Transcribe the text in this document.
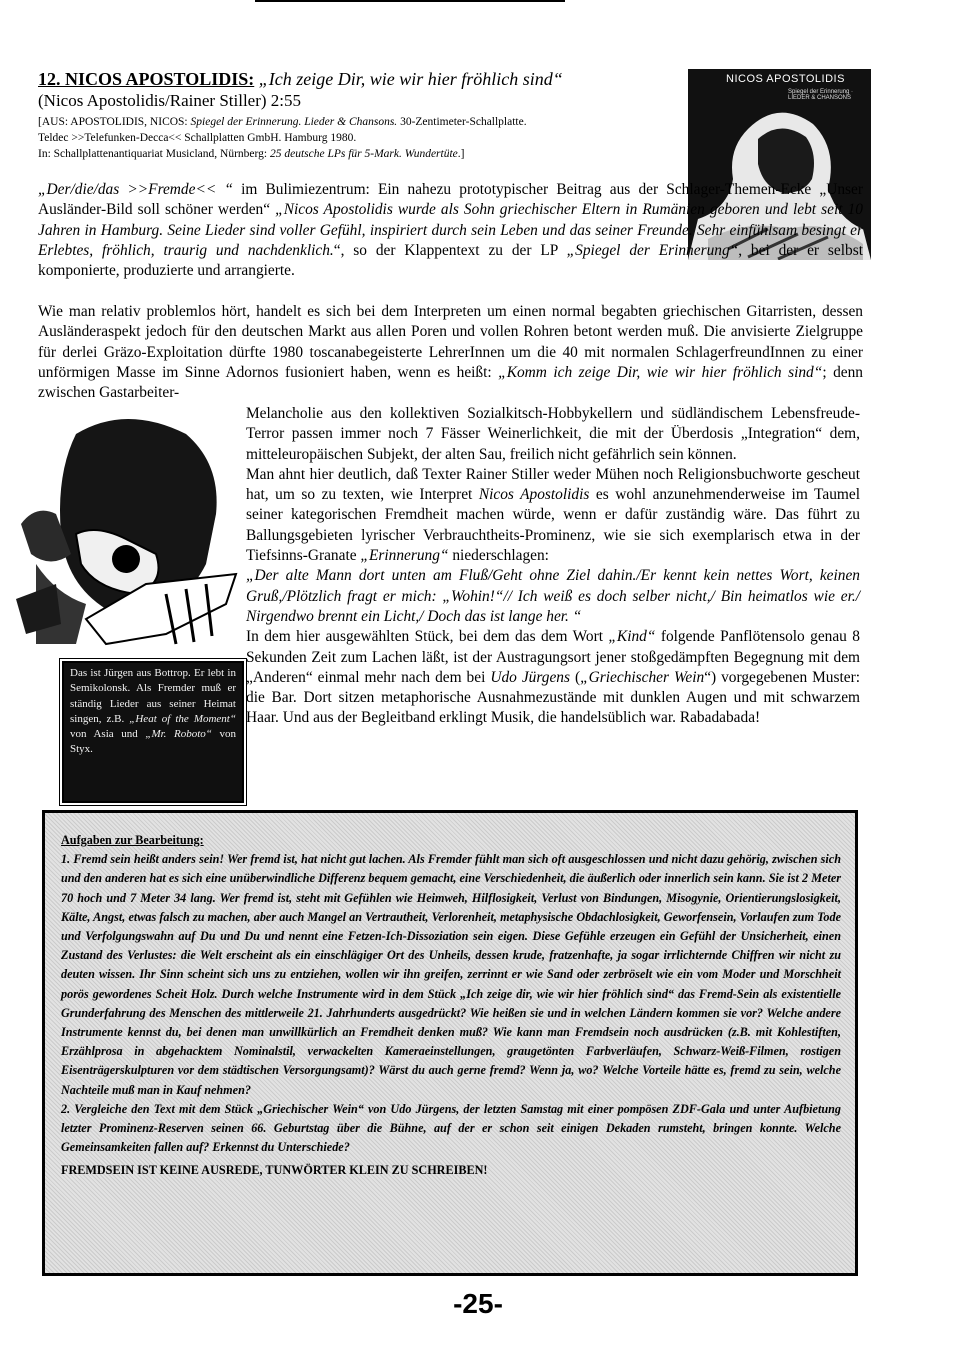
12. NICOS APOSTOLIDIS: „Ich zeige Dir, wie wir hier fröhlich sind“
(Nicos Apostolidis/Rainer Stiller) 2:55
[AUS: APOSTOLIDIS, NICOS: Spiegel der Erinnerung. Lieder & Chansons. 30-Zentimeter-Schallplatte.
Teldec >>Telefunken-Decca<< Schallplatten GmbH. Hamburg 1980.
In: Schallplattenantiquariat Musicland, Nürnberg: 25 deutsche LPs für 5-Mark. Wundertüte.]
NICOS APOSTOLIDIS
Spiegel der Erinnerung · LIEDER & CHANSONS
„Der/die/das >>Fremde<< “ im Bulimiezentrum: Ein nahezu prototypischer Beitrag aus der Schlager-Themen-Ecke „Unser Ausländer-Bild soll schöner werden“ „Nicos Apostolidis wurde als Sohn griechischer Eltern in Rumänien geboren und lebt seit 10 Jahren in Hamburg. Seine Lieder sind voller Gefühl, inspiriert durch sein Leben und das seiner Freunde. Sehr einfühlsam besingt er Erlebtes, fröhlich, traurig und nachdenklich.“, so der Klappentext zu der LP „Spiegel der Erinnerung“, bei der er selbst komponierte, produzierte und arrangierte.
Wie man relativ problemlos hört, handelt es sich bei dem Interpreten um einen normal begabten griechischen Gitarristen, dessen Ausländeraspekt jedoch für den deutschen Markt aus allen Poren und vollen Rohren betont werden muß. Die anvisierte Zielgruppe für derlei Gräzo-Exploitation dürfte 1980 toscanabegeisterte LehrerInnen um die 40 mit normalen SchlagerfreundInnen zu einer unförmigen Masse im Sinne Adornos fusioniert haben, wenn es heißt: „Komm ich zeige Dir, wie wir hier fröhlich sind“; denn zwischen Gastarbeiter-
Melancholie aus den kollektiven Sozialkitsch-Hobbykellern und südländischem Lebensfreude-Terror passen immer noch 7 Fässer Weinerlichkeit, die mit der Überdosis „Integration“ dem, mitteleuropäischen Subjekt, der alten Sau, freilich nicht gefährlich sein können.
Man ahnt hier deutlich, daß Texter Rainer Stiller weder Mühen noch Religionsbuchworte gescheut hat, um so zu texten, wie Interpret Nicos Apostolidis es wohl anzunehmenderweise im Taumel seiner kategorischen Fremdheit machen würde, wenn er dafür zuständig wäre. Das führt zu Ballungsgebieten lyrischer Verbrauchtheits-Prominenz, wie sie sich exemplarisch etwa in der Tiefsinns-Granate „Erinnerung“ niederschlagen:
„Der alte Mann dort unten am Fluß/Geht ohne Ziel dahin./Er kennt kein nettes Wort, keinen Gruß,/Plötzlich fragt er mich: „Wohin!“// Ich weiß es doch selber nicht,/ Bin heimatlos wie er./ Nirgendwo brennt ein Licht,/ Doch das ist lange her. “
In dem hier ausgewählten Stück, bei dem das dem Wort „Kind“ folgende Panflötensolo genau 8 Sekunden Zeit zum Lachen läßt, ist der Austragungsort jener stoßgedämpften Begegnung mit dem „Anderen“ einmal mehr nach dem bei Udo Jürgens („Griechischer Wein“) vorgegebenen Muster: die Bar. Dort sitzen metaphorische Ausnahmezustände mit dunklen Augen und mit schwarzem Haar. Und aus der Begleitband erklingt Musik, die handelsüblich war. Rabadabada!
Das ist Jürgen aus Bottrop. Er lebt in Semikolonsk. Als Fremder muß er ständig Lieder aus seiner Heimat singen, z.B. „Heat of the Moment“ von Asia und „Mr. Roboto“ von Styx.
Aufgaben zur Bearbeitung:

1. Fremd sein heißt anders sein! Wer fremd ist, hat nicht gut lachen. Als Fremder fühlt man sich oft ausgeschlossen und nicht dazu gehörig, zwischen sich und den anderen hat es sich eine unüberwindliche Differenz bequem gemacht, eine Verschiedenheit, die äußerlich oder innerlich sein kann. Sie ist 2 Meter 70 hoch und 7 Meter 34 lang. Wer fremd ist, steht mit Gefühlen wie Heimweh, Hilflosigkeit, Verlust von Bindungen, Misogynie, Orientierungslosigkeit, Kälte, Angst, etwas falsch zu machen, aber auch Mangel an Vertrautheit, Verlorenheit, metaphysische Obdachlosigkeit, Geworfensein, Vorlaufen zum Tode und Verfolgungswahn auf Du und Du und nennt eine Fetzen-Ich-Dissoziation sein eigen. Diese Gefühle erzeugen ein Gefühl der Unsicherheit, einen Zustand des Verlustes: die Welt erscheint als ein einschlägiger Ort des Unheils, dessen krude, fratzenhafte, ja sogar irrlichternde Chiffren wir nicht zu deuten wissen. Ihr Sinn scheint sich uns zu entziehen, wollen wir ihn greifen, zerrinnt er wie Sand oder zerbröselt wie ein vom Moder und Morschheit porös gewordenes Scheit Holz. Durch welche Instrumente wird in dem Stück „Ich zeige dir, wie wir hier fröhlich sind“ das Fremd-Sein als existentielle Grunderfahrung des Menschen des mittlerweile 21. Jahrhunderts ausgedrückt? Wie heißen sie und in welchen Ländern kommen sie vor? Welche andere Instrumente kennst du, bei denen man unwillkürlich an Fremdheit denken muß? Wie kann man Fremdsein noch ausdrücken (z.B. mit Kohlestiften, Erzählprosa in abgehacktem Nominalstil, verwackelten Kameraeinstellungen, graugetönten Farbverläufen, Schwarz-Weiß-Filmen, rostigen Eisenträgerskulpturen vor dem städtischen Versorgungsamt)? Wärst du auch gerne fremd? Wenn ja, wo? Welche Vorteile hätte es, fremd zu sein, welche Nachteile muß man in Kauf nehmen?

2. Vergleiche den Text mit dem Stück „Griechischer Wein“ von Udo Jürgens, der letzten Samstag mit einer pompösen ZDF-Gala und unter Aufbietung letzter Prominenz-Reserven seinen 66. Geburtstag über die Bühne, auf der er schon seit einigen Dekaden rumsteht, bringen konnte. Welche Gemeinsamkeiten fallen auf? Erkennst du Unterschiede?

FREMDSEIN IST KEINE AUSREDE, TUNWÖRTER KLEIN ZU SCHREIBEN!
-25-
